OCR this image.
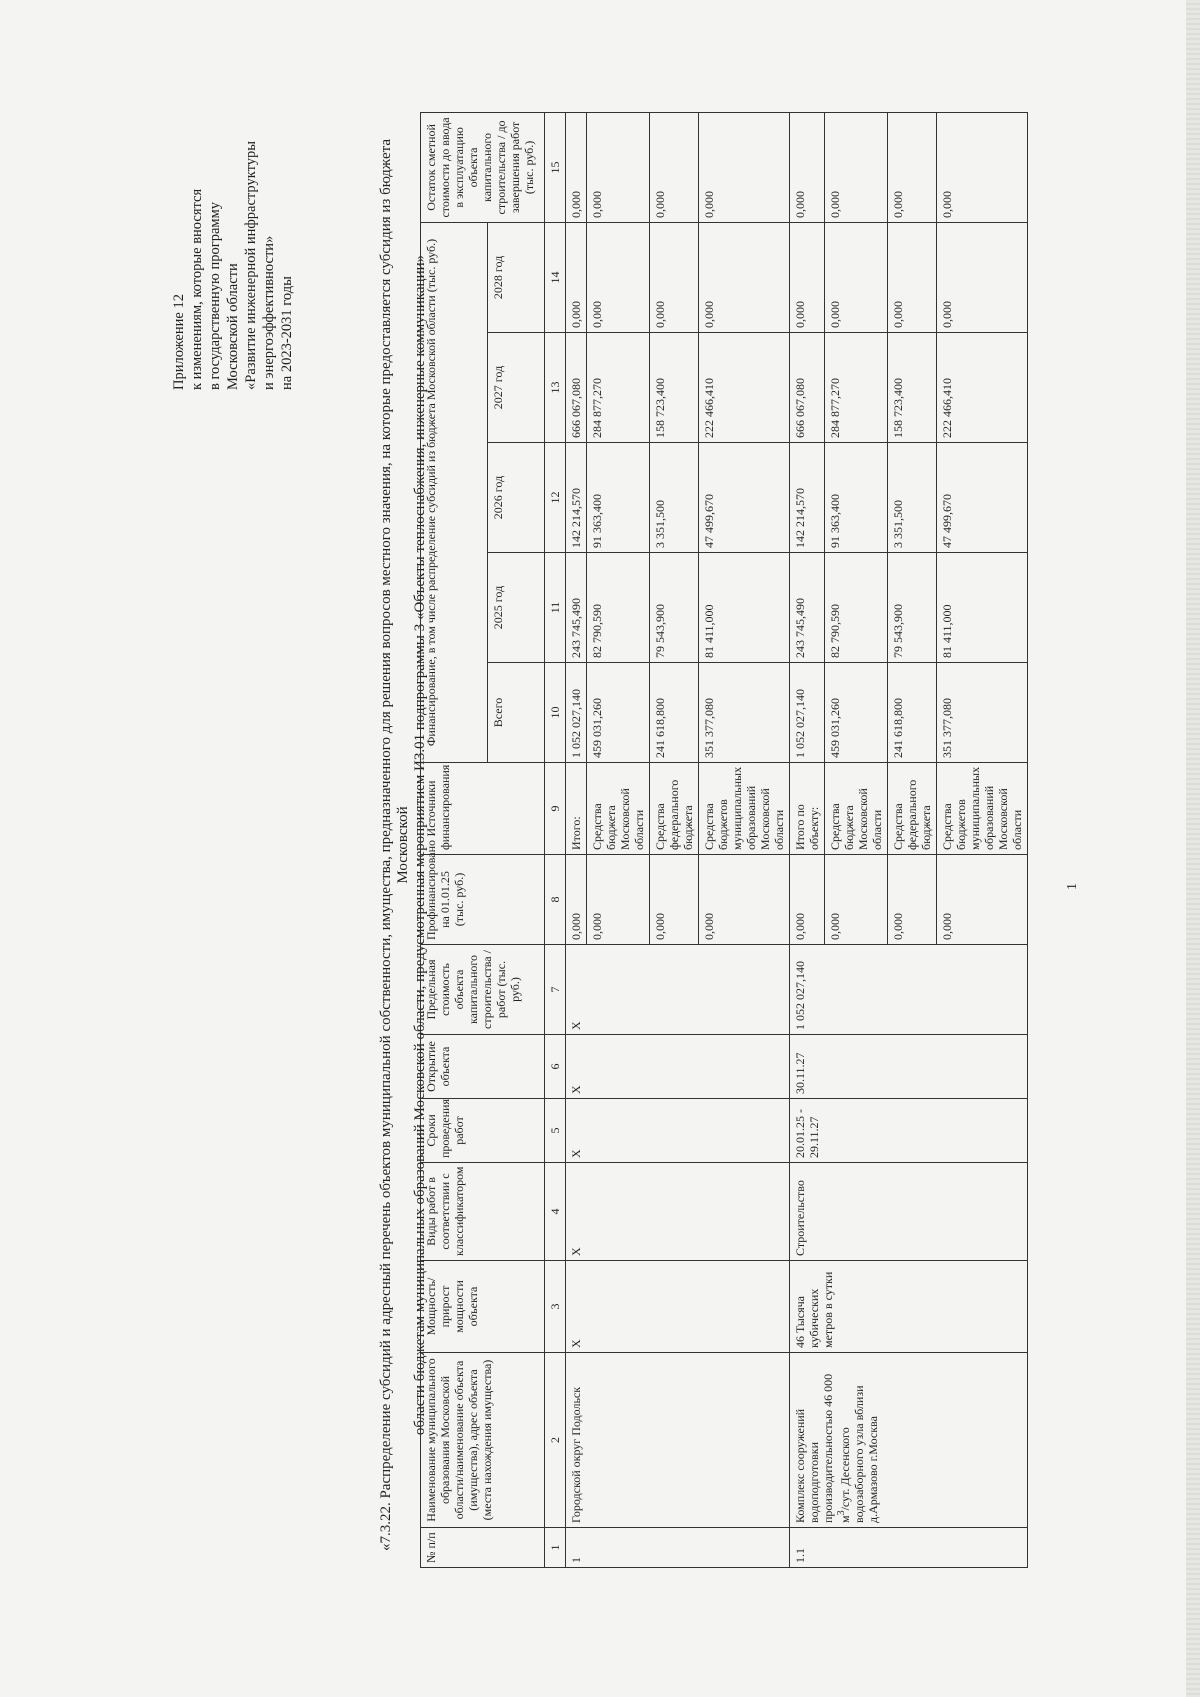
Приложение 12 к изменениям, которые вносятся в государственную программу Московской области «Развитие инженерной инфраструктуры и энергоэффективности» на 2023-2031 годы	«7.3.22. Распределение субсидий и адресный перечень объектов муниципальной собственности, имущества, предназначенного для решения вопросов местного значения, на которые предоставляется субсидия из бюджета Московской области бюджетам муниципальных образований Московской области, предусмотренная мероприятием И3.01 подпрограммы 3 «Объекты теплоснабжения, инженерные коммуникации»
№ п/п	Наименование муниципального образования Московской области/наименование объекта (имущества), адрес объекта (места нахождения имущества)	Мощность/ прирост мощности объекта	Виды работ в соответствии с классификатором	Сроки проведения работ	Открытие объекта	Предельная стоимость объекта капитального строительства / работ (тыс. руб.)	Профинансировано на 01.01.25 (тыс. руб.)	Источники финансирования	Финансирование, в том числе распределение субсидий из бюджета Московской области (тыс. руб.)					Остаток сметной стоимости до ввода в эксплуатацию объекта капитального строительства / до завершения работ (тыс. руб.)
									Всего	2025 год	2026 год	2027 год	2028 год	
1	2	3	4	5	6	7	8	9	10	11	12	13	14	15
1	Городской округ Подольск	X	X	X	X	X	0,000	Итого:	1 052 027,140	243 745,490	142 214,570	666 067,080	0,000	0,000
							0,000	Средства бюджета Московской области	459 031,260	82 790,590	91 363,400	284 877,270	0,000	0,000
							0,000	Средства федерального бюджета	241 618,800	79 543,900	3 351,500	158 723,400	0,000	0,000
							0,000	Средства бюджетов муниципальных образований Московской области	351 377,080	81 411,000	47 499,670	222 466,410	0,000	0,000
1.1	Комплекс сооружений водоподготовки производительностью 46 000 $м^3$/сут. Десенского водозаборного узла вблизи д.Армазово г.Москва	46 Тысяча кубических метров в сутки	Строительство	20.01.25 - 29.11.27	30.11.27	1 052 027,140	0,000	Итого по объекту:	1 052 027,140	243 745,490	142 214,570	666 067,080	0,000	0,000
							0,000	Средства бюджета Московской области	459 031,260	82 790,590	91 363,400	284 877,270	0,000	0,000
							0,000	Средства федерального бюджета	241 618,800	79 543,900	3 351,500	158 723,400	0,000	0,000
							0,000	Средства бюджетов муниципальных образований Московской области	351 377,080	81 411,000	47 499,670	222 466,410	0,000	0,000
1
